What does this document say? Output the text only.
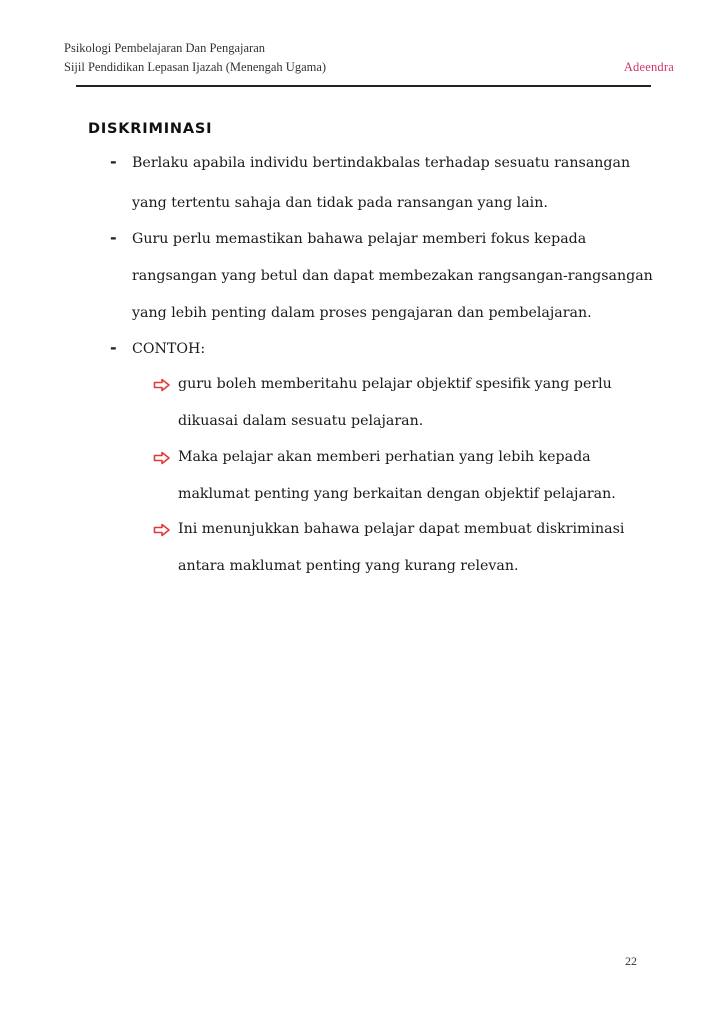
Psikologi Pembelajaran Dan Pengajaran
Sijil Pendidikan Lepasan Ijazah (Menengah Ugama)	Adeendra
DISKRIMINASI
- Berlaku apabila individu bertindakbalas terhadap sesuatu ransangan
yang tertentu sahaja dan tidak pada ransangan yang lain.
- Guru perlu memastikan bahawa pelajar memberi fokus kepada
rangsangan yang betul dan dapat membezakan rangsangan-rangsangan
yang lebih penting dalam proses pengajaran dan pembelajaran.
- CONTOH:
guru boleh memberitahu pelajar objektif spesifik yang perlu
dikuasai dalam sesuatu pelajaran.
Maka pelajar akan memberi perhatian yang lebih kepada
maklumat penting yang berkaitan dengan objektif pelajaran.
Ini menunjukkan bahawa pelajar dapat membuat diskriminasi
antara maklumat penting yang kurang relevan.
22
